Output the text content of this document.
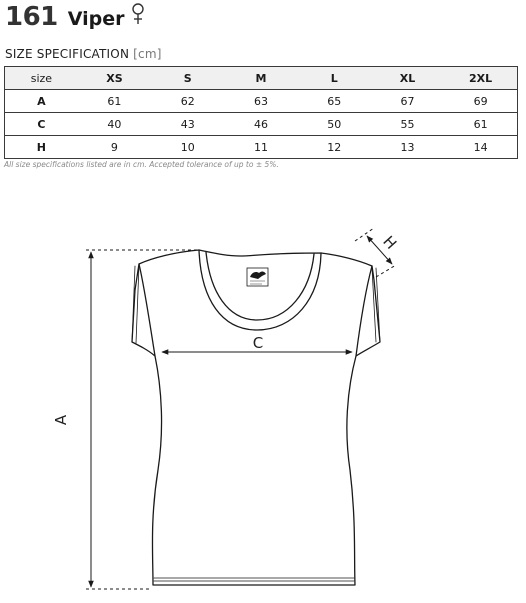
161 Viper
SIZE SPECIFICATION [cm]
size	XS	S	M	L	XL	2XL
A	61	62	63	65	67	69
C	40	43	46	50	55	61
H	9	10	11	12	13	14
All size specifications listed are in cm. Accepted tolerance of up to ± 5%.
A
C
H
